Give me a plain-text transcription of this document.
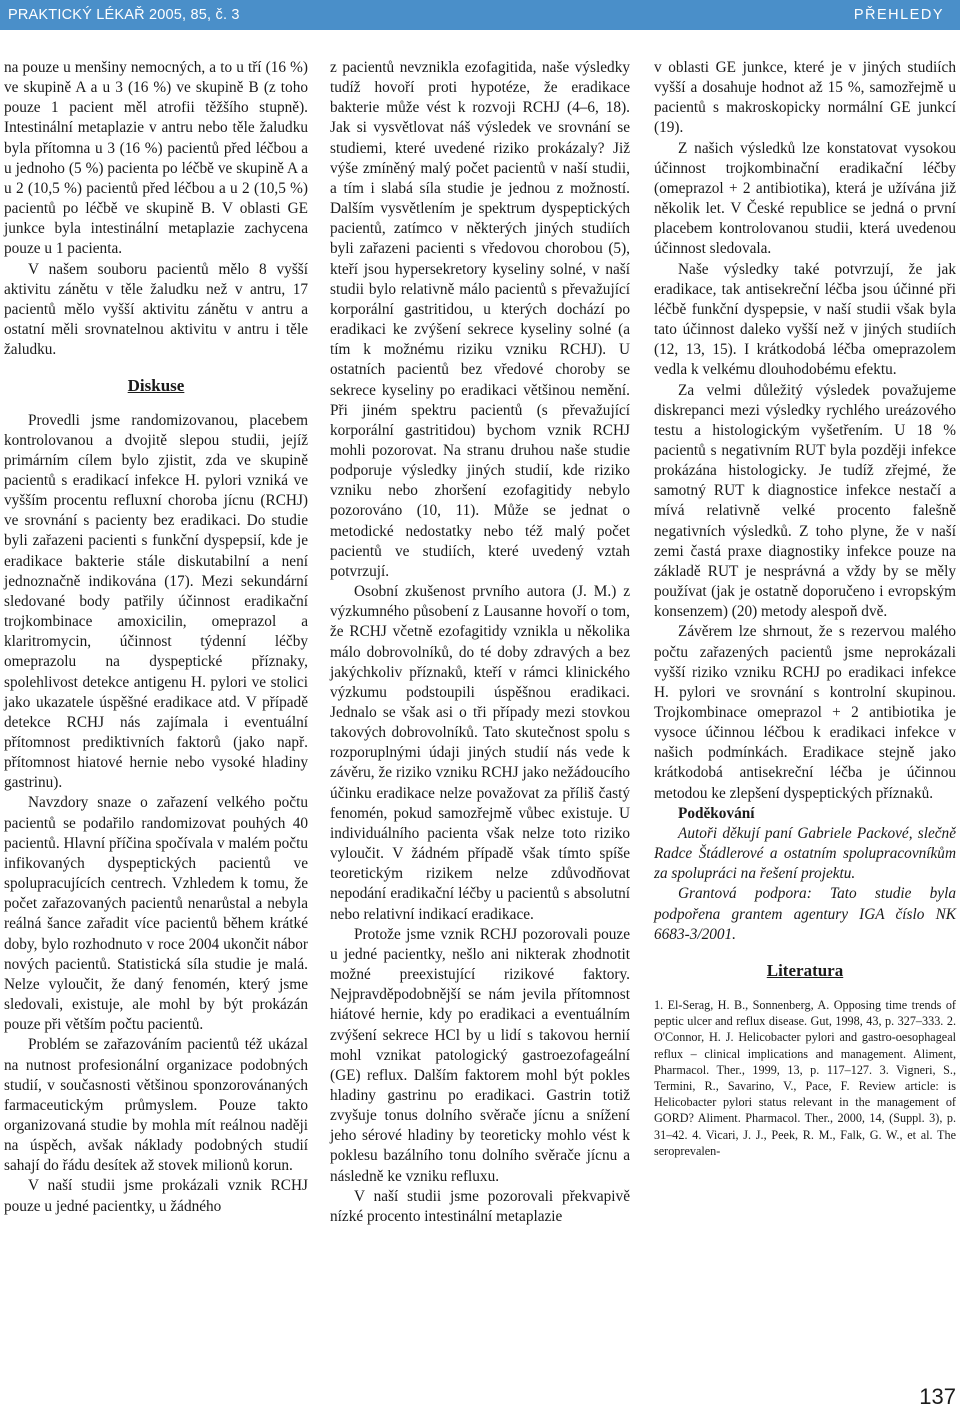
PRAKTICKÝ LÉKAŘ 2005, 85, č. 3	PŘEHLEDY

na pouze u menšiny nemocných, a to u tří (16 %) ve skupině A a u 3 (16 %) ve skupině B (z toho pouze 1 pacient měl atrofii těžšího stupně). Intestinální metaplazie v antru nebo těle žaludku byla přítomna u 3 (16 %) pacientů před léčbou a u jednoho (5 %) pacienta po léčbě ve skupině A a u 2 (10,5 %) pacientů před léčbou a u 2 (10,5 %) pacientů po léčbě ve skupině B. V oblasti GE junkce byla intestinální metaplazie zachycena pouze u 1 pacienta.

V našem souboru pacientů mělo 8 vyšší aktivitu zánětu v těle žaludku než v antru, 17 pacientů mělo vyšší aktivitu zánětu v antru a ostatní měli srovnatelnou aktivitu v antru i těle žaludku.

Diskuse

Provedli jsme randomizovanou, placebem kontrolovanou a dvojitě slepou studii, jejíž primárním cílem bylo zjistit, zda ve skupině pacientů s eradikací infekce H. pylori vzniká ve vyšším procentu refluxní choroba jícnu (RCHJ) ve srovnání s pacienty bez eradikaci. Do studie byli zařazeni pacienti s funkční dyspepsií, kde je eradikace bakterie stále diskutabilní a není jednoznačně indikována (17). Mezi sekundární sledované body patřily účinnost eradikační trojkombinace amoxicilin, omeprazol a klaritromycin, účinnost týdenní léčby omeprazolu na dyspeptické příznaky, spolehlivost detekce antigenu H. pylori ve stolici jako ukazatele úspěšné eradikace atd. V případě detekce RCHJ nás zajímala i eventuální přítomnost prediktivních faktorů (jako např. přítomnost hiatové hernie nebo vysoké hladiny gastrinu).

Navzdory snaze o zařazení velkého počtu pacientů se podařilo randomizovat pouhých 40 pacientů. Hlavní příčina spočívala v malém počtu infikovaných dyspeptických pacientů ve spolupracujících centrech. Vzhledem k tomu, že počet zařazovaných pacientů nenarůstal a nebyla reálná šance zařadit více pacientů během krátké doby, bylo rozhodnuto v roce 2004 ukončit nábor nových pacientů. Statistická síla studie je malá. Nelze vyloučit, že daný fenomén, který jsme sledovali, existuje, ale mohl by být prokázán pouze při větším počtu pacientů.

Problém se zařazováním pacientů též ukázal na nutnost profesionální organizace podobných studií, v současnosti většinou sponzorovánaných farmaceutickým průmyslem. Pouze takto organizovaná studie by mohla mít reálnou naději na úspěch, avšak náklady podobných studií sahají do řádu desítek až stovek milionů korun.

V naší studii jsme prokázali vznik RCHJ pouze u jedné pacientky, u žádného

z pacientů nevznikla ezofagitida, naše výsledky tudíž hovoří proti hypotéze, že eradikace bakterie může vést k rozvoji RCHJ (4–6, 18). Jak si vysvětlovat náš výsledek ve srovnání se studiemi, které uvedené riziko prokázaly? Již výše zmíněný malý počet pacientů v naší studii, a tím i slabá síla studie je jednou z možností. Dalším vysvětlením je spektrum dyspeptických pacientů, zatímco v některých jiných studiích byli zařazeni pacienti s vředovou chorobou (5), kteří jsou hypersekretory kyseliny solné, v naší studii bylo relativně málo pacientů s převažující korporální gastritidou, u kterých dochází po eradikaci ke zvýšení sekrece kyseliny solné (a tím k možnému riziku vzniku RCHJ). U ostatních pacientů bez vředové choroby se sekrece kyseliny po eradikaci většinou nemění. Při jiném spektru pacientů (s převažující korporální gastritidou) bychom vznik RCHJ mohli pozorovat. Na stranu druhou naše studie podporuje výsledky jiných studií, kde riziko vzniku nebo zhoršení ezofagitidy nebylo pozorováno (10, 11). Může se jednat o metodické nedostatky nebo též malý počet pacientů ve studiích, které uvedený vztah potvrzují.

Osobní zkušenost prvního autora (J. M.) z výzkumného působení z Lausanne hovoří o tom, že RCHJ včetně ezofagitidy vznikla u několika málo dobrovolníků, do té doby zdravých a bez jakýchkoliv příznaků, kteří v rámci klinického výzkumu podstoupili úspěšnou eradikaci. Jednalo se však asi o tři případy mezi stovkou takových dobrovolníků. Tato skutečnost spolu s rozporuplnými údaji jiných studií nás vede k závěru, že riziko vzniku RCHJ jako nežádoucího účinku eradikace nelze považovat za příliš častý fenomén, pokud samozřejmě vůbec existuje. U individuálního pacienta však nelze toto riziko vyloučit. V žádném případě však tímto spíše teoretickým rizikem nelze zdůvodňovat nepodání eradikační léčby u pacientů s absolutní nebo relativní indikací eradikace.

Protože jsme vznik RCHJ pozorovali pouze u jedné pacientky, nešlo ani nikterak zhodnotit možné preexistující rizikové faktory. Nejpravděpodobnější se nám jevila přítomnost hiátové hernie, kdy po eradikaci a eventuálním zvýšení sekrece HCl by u lidí s takovou hernií mohl vznikat patologický gastroezofageální (GE) reflux. Dalším faktorem mohl být pokles hladiny gastrinu po eradikaci. Gastrin totiž zvyšuje tonus dolního svěrače jícnu a snížení jeho sérové hladiny by teoreticky mohlo vést k poklesu bazálního tonu dolního svěrače jícnu a následně ke vzniku refluxu.

V naší studii jsme pozorovali překvapivě nízké procento intestinální metaplazie

v oblasti GE junkce, které je v jiných studiích vyšší a dosahuje hodnot až 15 %, samozřejmě u pacientů s makroskopicky normální GE junkcí (19).

Z našich výsledků lze konstatovat vysokou účinnost trojkombinační eradikační léčby (omeprazol + 2 antibiotika), která je užívána již několik let. V České republice se jedná o první placebem kontrolovanou studii, která uvedenou účinnost sledovala.

Naše výsledky také potvrzují, že jak eradikace, tak antisekreční léčba jsou účinné při léčbě funkční dyspepsie, v naší studii však byla tato účinnost daleko vyšší než v jiných studiích (12, 13, 15). I krátkodobá léčba omeprazolem vedla k velkému dlouhodobému efektu.

Za velmi důležitý výsledek považujeme diskrepanci mezi výsledky rychlého ureázového testu a histologickým vyšetřením. U 18 % pacientů s negativním RUT byla později infekce prokázána histologicky. Je tudíž zřejmé, že samotný RUT k diagnostice infekce nestačí a mívá relativně velké procento falešně negativních výsledků. Z toho plyne, že v naší zemi častá praxe diagnostiky infekce pouze na základě RUT je nesprávná a vždy by se měly používat (jak je ostatně doporučeno i evropským konsenzem) (20) metody alespoň dvě.

Závěrem lze shrnout, že s rezervou malého počtu zařazených pacientů jsme neprokázali vyšší riziko vzniku RCHJ po eradikaci infekce H. pylori ve srovnání s kontrolní skupinou. Trojkombinace omeprazol + 2 antibiotika je vysoce účinnou léčbou k eradikaci infekce v našich podmínkách. Eradikace stejně jako krátkodobá antisekreční léčba je účinnou metodou ke zlepšení dyspeptických příznaků.

Poděkování

Autoři děkují paní Gabriele Packové, slečně Radce Štádlerové a ostatním spolupracovníkům za spolupráci na řešení projektu.

Grantová podpora: Tato studie byla podpořena grantem agentury IGA číslo NK 6683-3/2001.

Literatura

1. El-Serag, H. B., Sonnenberg, A. Opposing time trends of peptic ulcer and reflux disease. Gut, 1998, 43, p. 327–333. 2. O'Connor, H. J. Helicobacter pylori and gastro-oesophageal reflux – clinical implications and management. Aliment, Pharmacol. Ther., 1999, 13, p. 117–127. 3. Vigneri, S., Termini, R., Savarino, V., Pace, F. Review article: is Helicobacter pylori status relevant in the management of GORD? Aliment. Pharmacol. Ther., 2000, 14, (Suppl. 3), p. 31–42. 4. Vicari, J. J., Peek, R. M., Falk, G. W., et al. The seroprevalen-

137
